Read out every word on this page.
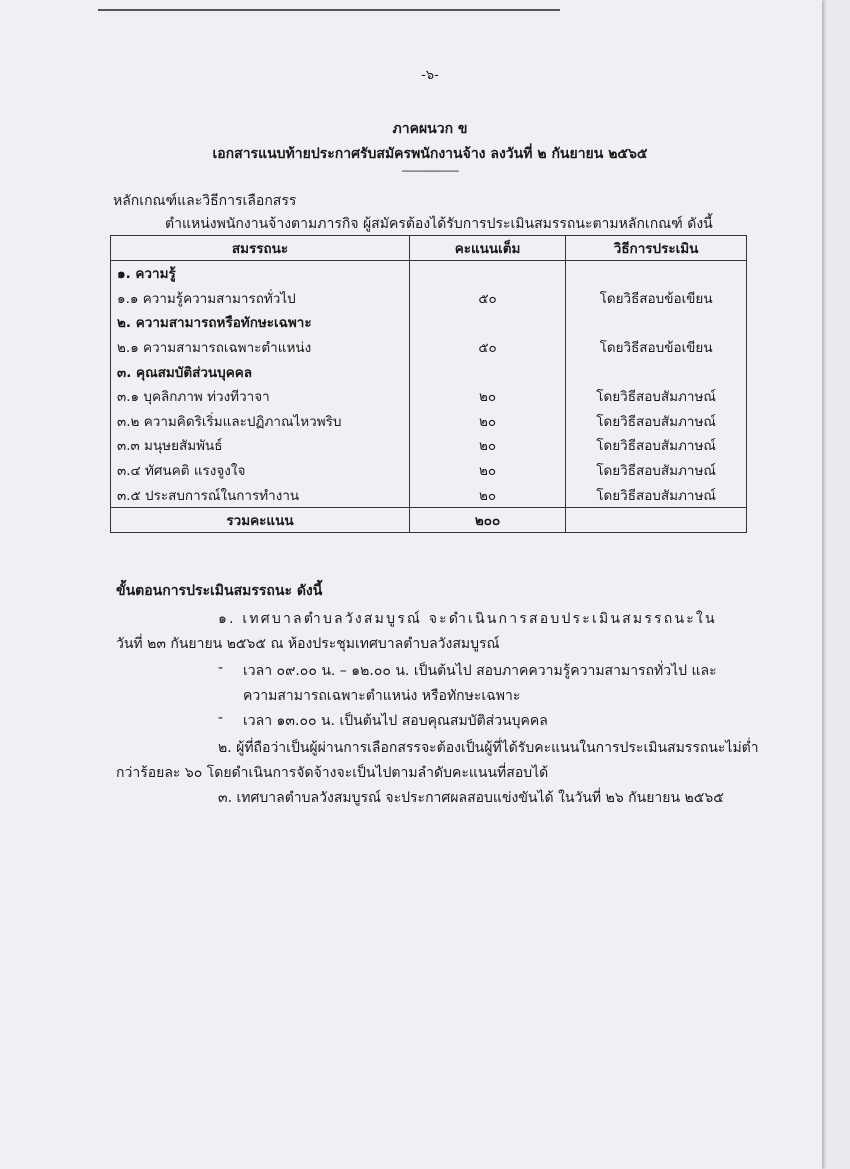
-๖-
ภาคผนวก ข
เอกสารแนบท้ายประกาศรับสมัครพนักงานจ้าง ลงวันที่ ๒ กันยายน ๒๕๖๕
-------------------
หลักเกณฑ์และวิธีการเลือกสรร
ตำแหน่งพนักงานจ้างตามภารกิจ ผู้สมัครต้องได้รับการประเมินสมรรถนะตามหลักเกณฑ์ ดังนี้
สมรรถนะ	คะแนนเต็ม	วิธีการประเมิน
๑. ความรู้		
๑.๑ ความรู้ความสามารถทั่วไป	๕๐	โดยวิธีสอบข้อเขียน
๒. ความสามารถหรือทักษะเฉพาะ		
๒.๑ ความสามารถเฉพาะตำแหน่ง	๕๐	โดยวิธีสอบข้อเขียน
๓. คุณสมบัติส่วนบุคคล		
๓.๑ บุคลิกภาพ ท่วงทีวาจา	๒๐	โดยวิธีสอบสัมภาษณ์
๓.๒ ความคิดริเริ่มและปฏิภาณไหวพริบ	๒๐	โดยวิธีสอบสัมภาษณ์
๓.๓ มนุษยสัมพันธ์	๒๐	โดยวิธีสอบสัมภาษณ์
๓.๔ ทัศนคติ แรงจูงใจ	๒๐	โดยวิธีสอบสัมภาษณ์
๓.๕ ประสบการณ์ในการทำงาน	๒๐	โดยวิธีสอบสัมภาษณ์
รวมคะแนน	๒๐๐	
ขั้นตอนการประเมินสมรรถนะ ดังนี้
๑. เทศบาลตำบลวังสมบูรณ์ จะดำเนินการสอบประเมินสมรรถนะใน
วันที่ ๒๓ กันยายน ๒๕๖๕ ณ ห้องประชุมเทศบาลตำบลวังสมบูรณ์
- เวลา ๐๙.๐๐ น. – ๑๒.๐๐ น. เป็นต้นไป สอบภาคความรู้ความสามารถทั่วไป และ
ความสามารถเฉพาะตำแหน่ง หรือทักษะเฉพาะ
- เวลา ๑๓.๐๐ น. เป็นต้นไป สอบคุณสมบัติส่วนบุคคล
๒. ผู้ที่ถือว่าเป็นผู้ผ่านการเลือกสรรจะต้องเป็นผู้ที่ได้รับคะแนนในการประเมินสมรรถนะไม่ต่ำ
กว่าร้อยละ ๖๐ โดยดำเนินการจัดจ้างจะเป็นไปตามลำดับคะแนนที่สอบได้
๓. เทศบาลตำบลวังสมบูรณ์ จะประกาศผลสอบแข่งขันได้ ในวันที่ ๒๖ กันยายน ๒๕๖๕
